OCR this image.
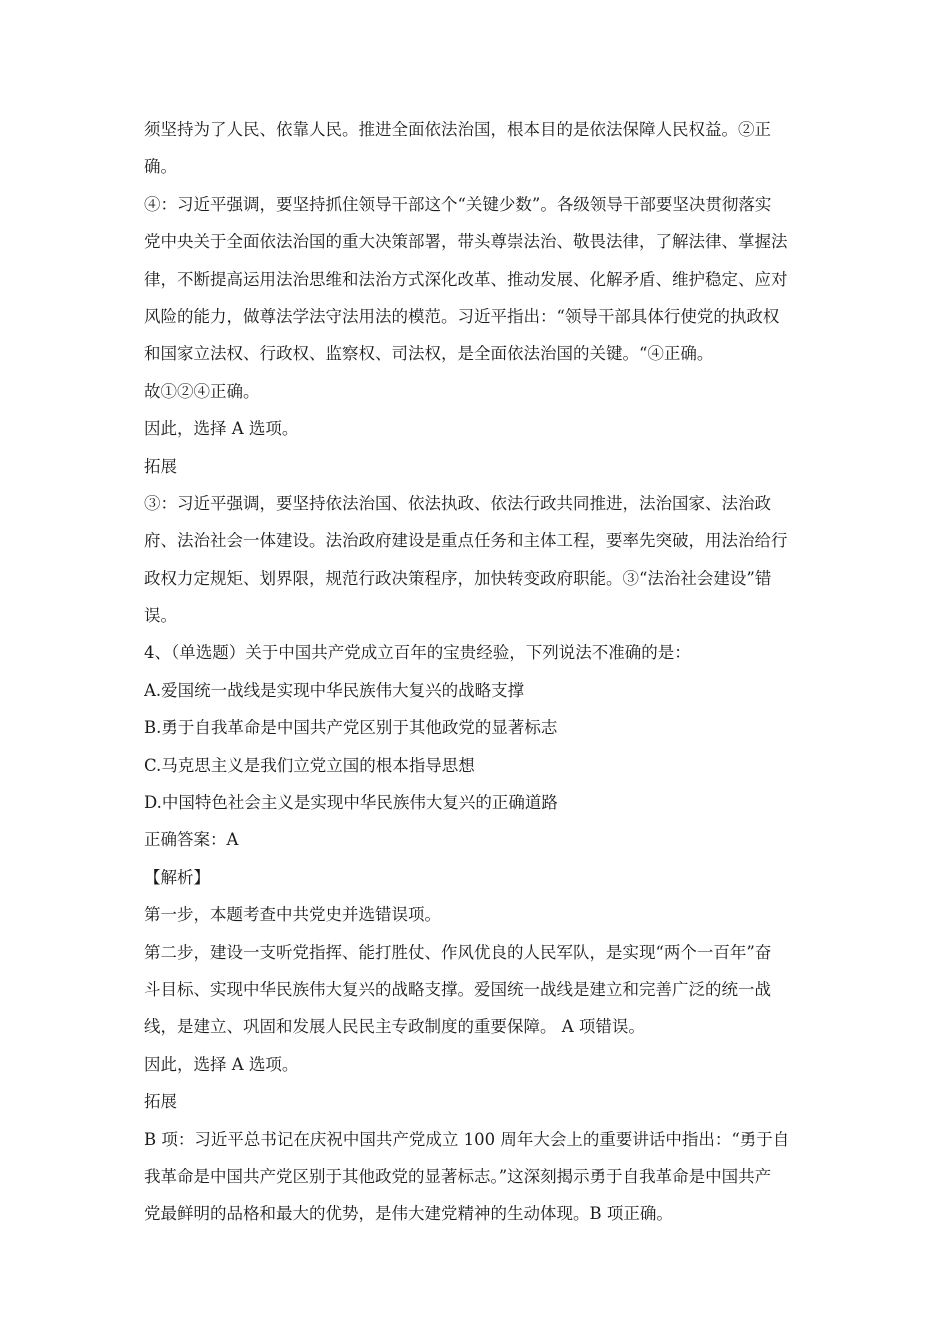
须坚持为了人民、依靠人民。推进全面依法治国，根本目的是依法保障人民权益。②正
确。
④：习近平强调，要坚持抓住领导干部这个“关键少数”。各级领导干部要坚决贯彻落实
党中央关于全面依法治国的重大决策部署，带头尊崇法治、敬畏法律，了解法律、掌握法
律，不断提高运用法治思维和法治方式深化改革、推动发展、化解矛盾、维护稳定、应对
风险的能力，做尊法学法守法用法的模范。习近平指出：“领导干部具体行使党的执政权
和国家立法权、行政权、监察权、司法权，是全面依法治国的关键。“④正确。
故①②④正确。
因此，选择 A 选项。
拓展
③：习近平强调，要坚持依法治国、依法执政、依法行政共同推进，法治国家、法治政
府、法治社会一体建设。法治政府建设是重点任务和主体工程，要率先突破，用法治给行
政权力定规矩、划界限，规范行政决策程序，加快转变政府职能。③“法治社会建设”错
误。
4、（单选题）关于中国共产党成立百年的宝贵经验，下列说法不准确的是：
A.爱国统一战线是实现中华民族伟大复兴的战略支撑
B.勇于自我革命是中国共产党区别于其他政党的显著标志
C.马克思主义是我们立党立国的根本指导思想
D.中国特色社会主义是实现中华民族伟大复兴的正确道路
正确答案：A
【解析】
第一步，本题考查中共党史并选错误项。
第二步，建设一支听党指挥、能打胜仗、作风优良的人民军队，是实现“两个一百年”奋
斗目标、实现中华民族伟大复兴的战略支撑。爱国统一战线是建立和完善广泛的统一战
线，是建立、巩固和发展人民民主专政制度的重要保障。 A 项错误。
因此，选择 A 选项。
拓展
B 项：习近平总书记在庆祝中国共产党成立 100 周年大会上的重要讲话中指出：“勇于自
我革命是中国共产党区别于其他政党的显著标志。”这深刻揭示勇于自我革命是中国共产
党最鲜明的品格和最大的优势，是伟大建党精神的生动体现。B 项正确。
